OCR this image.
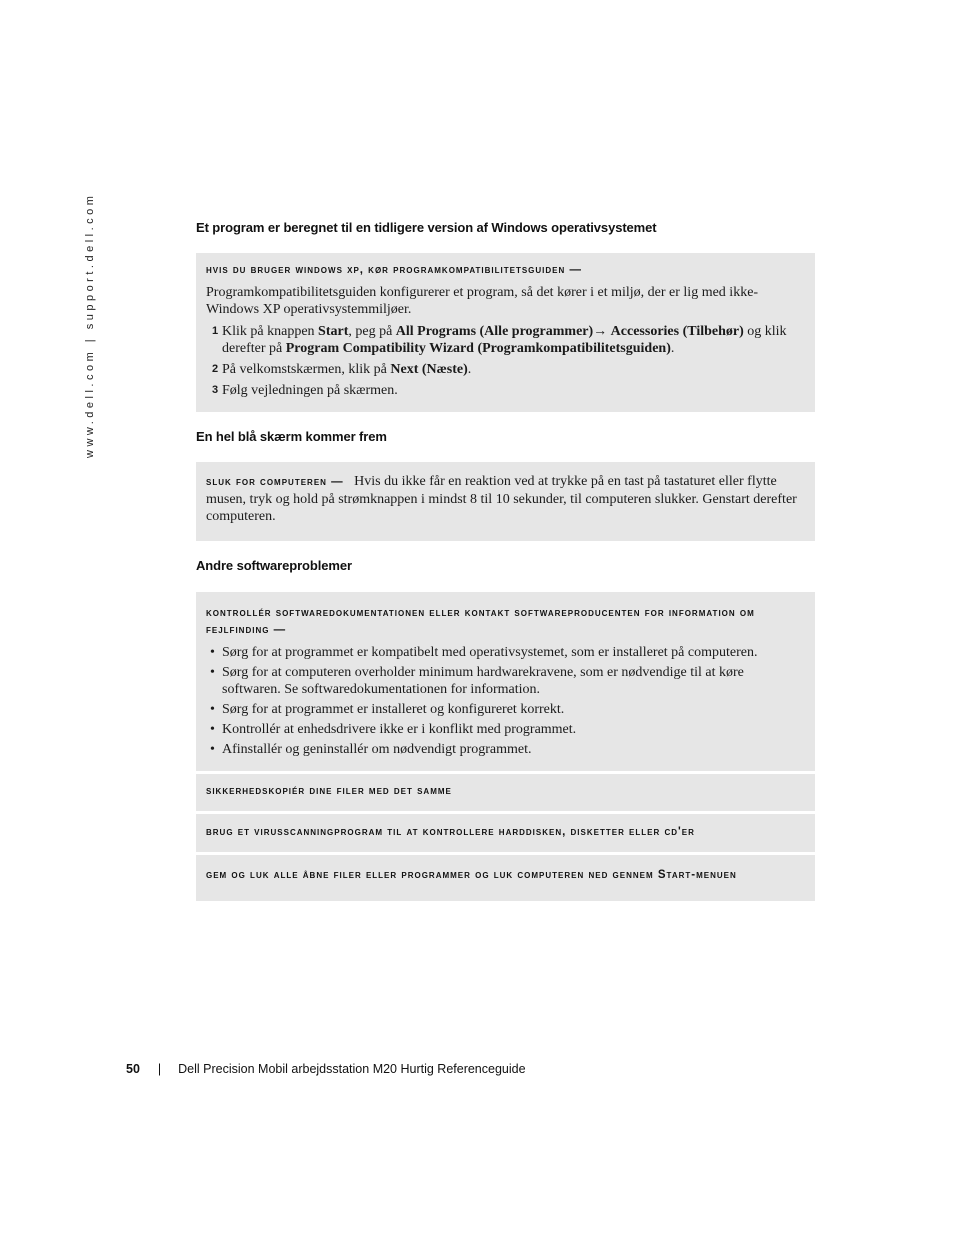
www.dell.com | support.dell.com	Et program er beregnet til en tidligere version af Windows operativsystemet
hvis du bruger windows xp, kør programkompatibilitetsguiden —

Programkompatibilitetsguiden konfigurerer et program, så det kører i et miljø, der er lig med ikke-Windows XP operativsystemmiljøer.

1 Klik på knappen Start, peg på All Programs (Alle programmer)→ Accessories (Tilbehør) og klik derefter på Program Compatibility Wizard (Programkompatibilitetsguiden).
2 På velkomstskærmen, klik på Next (Næste).
3 Følg vejledningen på skærmen.
En hel blå skærm kommer frem

sluk for computeren — Hvis du ikke får en reaktion ved at trykke på en tast på tastaturet eller flytte musen, tryk og hold på strømknappen i mindst 8 til 10 sekunder, til computeren slukker. Genstart derefter computeren.

Andre softwareproblemer
kontrollér softwaredokumentationen eller kontakt softwareproducenten for information om fejlfinding —
• Sørg for at programmet er kompatibelt med operativsystemet, som er installeret på computeren.
• Sørg for at computeren overholder minimum hardwarekravene, som er nødvendige til at køre softwaren. Se softwaredokumentationen for information.
• Sørg for at programmet er installeret og konfigureret korrekt.
• Kontrollér at enhedsdrivere ikke er i konflikt med programmet.
• Afinstallér og geninstallér om nødvendigt programmet.
sikkerhedskopiér dine filer med det samme
brug et virusscanningprogram til at kontrollere harddisken, disketter eller cd'er
gem og luk alle åbne filer eller programmer og luk computeren ned gennem Start-menuen
50 | Dell Precision Mobil arbejdsstation M20 Hurtig Referenceguide
